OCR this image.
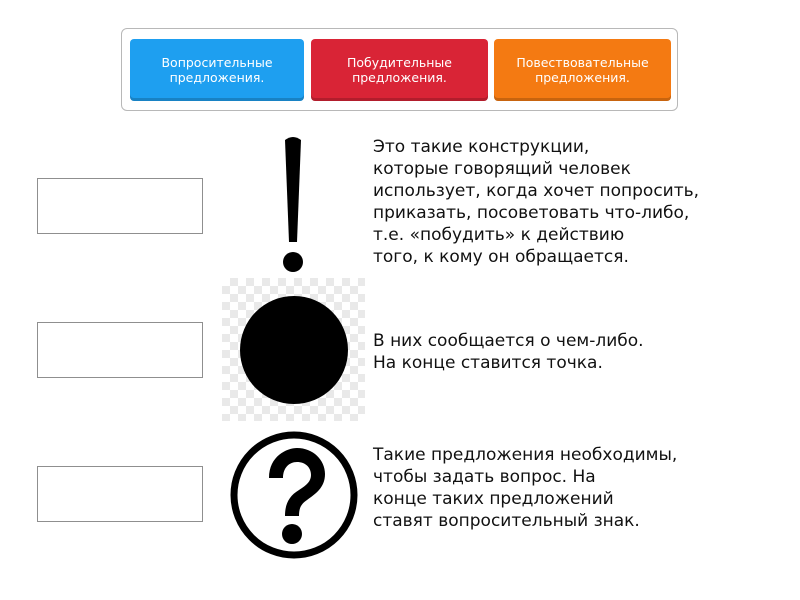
Вопросительные
предложения.
Побудительные
предложения.
Повествовательные
предложения.
Это такие конструкции,
которые говорящий человек
использует, когда хочет попросить,
приказать, посоветовать что-либо,
т.е. «побудить» к действию
того, к кому он обращается.
В них сообщается о чем-либо.
На конце ставится точка.
Такие предложения необходимы,
чтобы задать вопрос. На
конце таких предложений
ставят вопросительный знак.
